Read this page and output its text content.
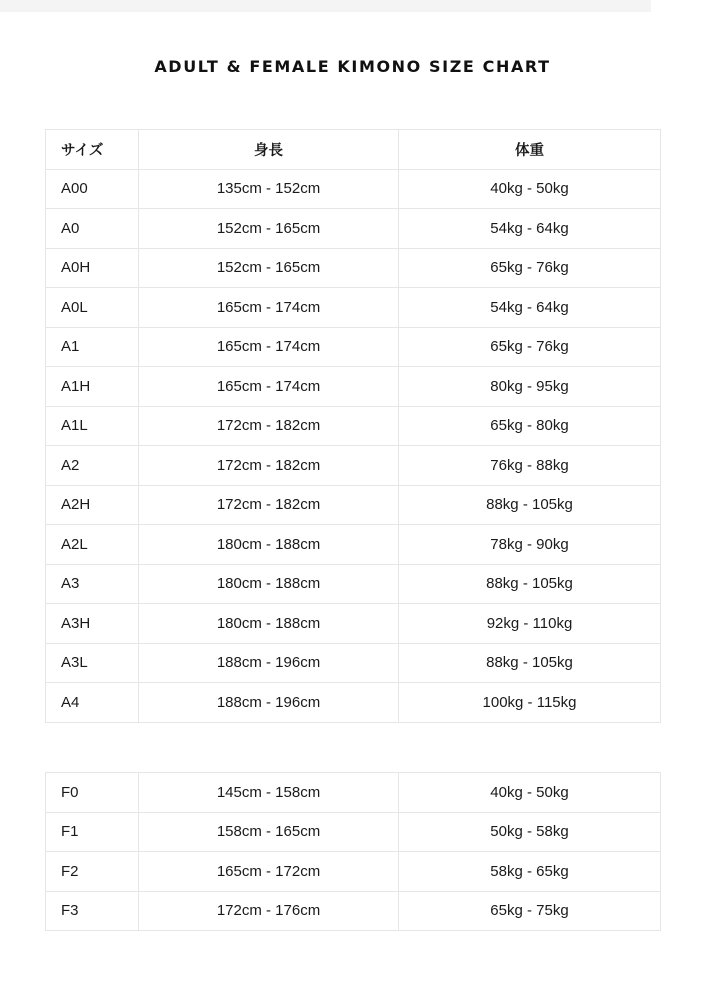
ADULT & FEMALE KIMONO SIZE CHART
サイズ	身長	体重
A00	135cm - 152cm	40kg - 50kg
A0	152cm - 165cm	54kg - 64kg
A0H	152cm - 165cm	65kg - 76kg
A0L	165cm - 174cm	54kg - 64kg
A1	165cm - 174cm	65kg - 76kg
A1H	165cm - 174cm	80kg - 95kg
A1L	172cm - 182cm	65kg - 80kg
A2	172cm - 182cm	76kg - 88kg
A2H	172cm - 182cm	88kg - 105kg
A2L	180cm - 188cm	78kg - 90kg
A3	180cm - 188cm	88kg - 105kg
A3H	180cm - 188cm	92kg - 110kg
A3L	188cm - 196cm	88kg - 105kg
A4	188cm - 196cm	100kg - 115kg
F0	145cm - 158cm	40kg - 50kg
F1	158cm - 165cm	50kg - 58kg
F2	165cm - 172cm	58kg - 65kg
F3	172cm - 176cm	65kg - 75kg
